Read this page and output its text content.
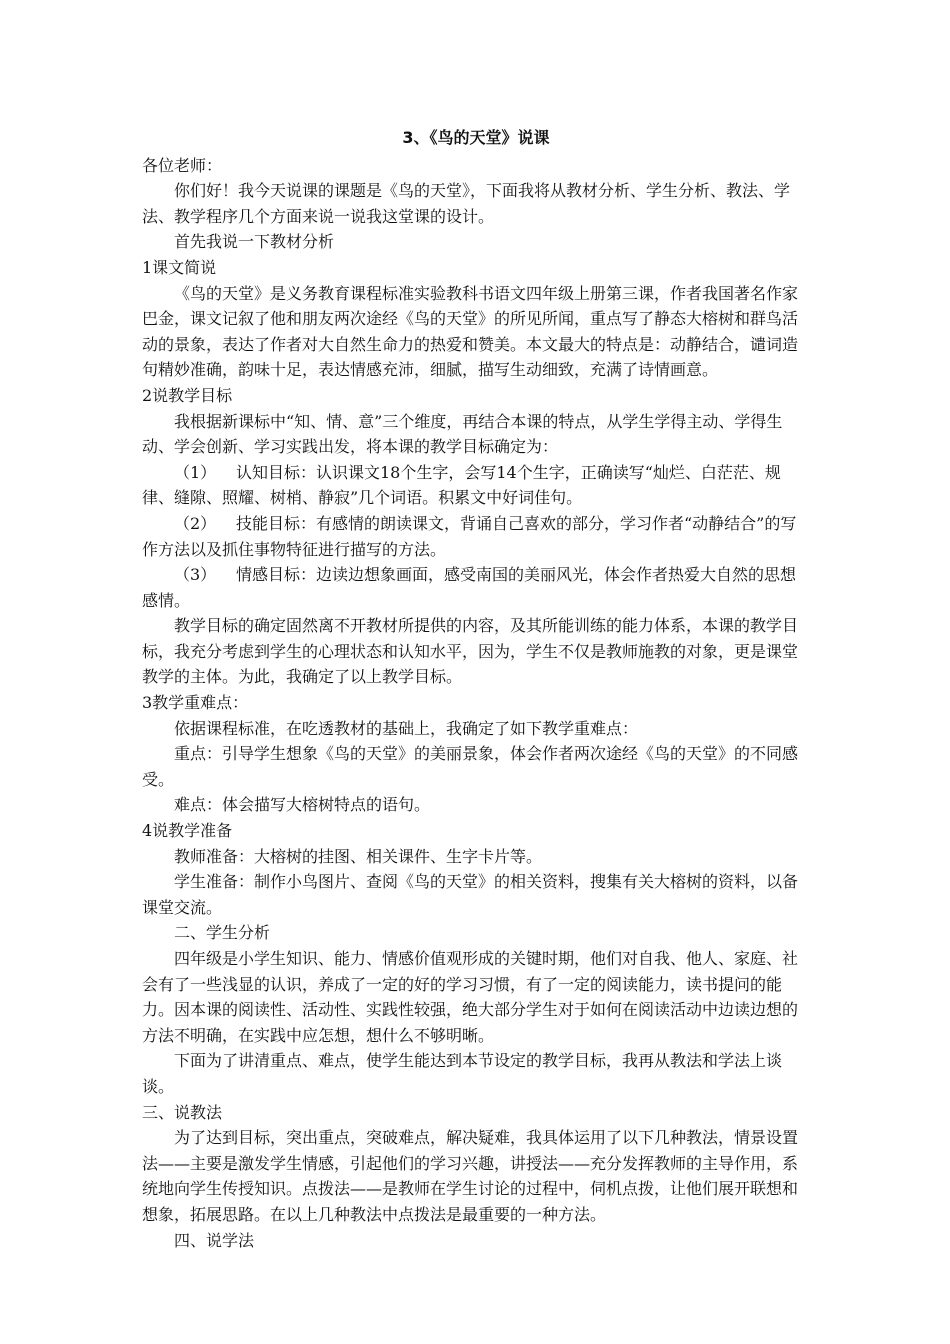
3、《鸟的天堂》说课

各位老师：

你们好！我今天说课的课题是《鸟的天堂》，下面我将从教材分析、学生分析、教法、学法、教学程序几个方面来说一说我这堂课的设计。

首先我说一下教材分析

1课文简说

《鸟的天堂》是义务教育课程标准实验教科书语文四年级上册第三课，作者我国著名作家巴金，课文记叙了他和朋友两次途经《鸟的天堂》的所见所闻，重点写了静态大榕树和群鸟活动的景象，表达了作者对大自然生命力的热爱和赞美。本文最大的特点是：动静结合，谴词造句精妙准确，韵味十足，表达情感充沛，细腻，描写生动细致，充满了诗情画意。

2说教学目标

我根据新课标中“知、情、意”三个维度，再结合本课的特点，从学生学得主动、学得生动、学会创新、学习实践出发，将本课的教学目标确定为：

（1） 认知目标：认识课文18个生字，会写14个生字，正确读写“灿烂、白茫茫、规律、缝隙、照耀、树梢、静寂”几个词语。积累文中好词佳句。

（2） 技能目标：有感情的朗读课文，背诵自己喜欢的部分，学习作者“动静结合”的写作方法以及抓住事物特征进行描写的方法。

（3） 情感目标：边读边想象画面，感受南国的美丽风光，体会作者热爱大自然的思想感情。

教学目标的确定固然离不开教材所提供的内容，及其所能训练的能力体系，本课的教学目标，我充分考虑到学生的心理状态和认知水平，因为，学生不仅是教师施教的对象，更是课堂教学的主体。为此，我确定了以上教学目标。

3教学重难点：

依据课程标准，在吃透教材的基础上，我确定了如下教学重难点：

重点：引导学生想象《鸟的天堂》的美丽景象，体会作者两次途经《鸟的天堂》的不同感受。

难点：体会描写大榕树特点的语句。

4说教学准备

教师准备：大榕树的挂图、相关课件、生字卡片等。

学生准备：制作小鸟图片、查阅《鸟的天堂》的相关资料，搜集有关大榕树的资料，以备课堂交流。

二、学生分析

四年级是小学生知识、能力、情感价值观形成的关键时期，他们对自我、他人、家庭、社会有了一些浅显的认识，养成了一定的好的学习习惯，有了一定的阅读能力，读书提问的能力。因本课的阅读性、活动性、实践性较强，绝大部分学生对于如何在阅读活动中边读边想的方法不明确，在实践中应怎想，想什么不够明晰。

下面为了讲清重点、难点，使学生能达到本节设定的教学目标，我再从教法和学法上谈谈。

三、说教法

为了达到目标，突出重点，突破难点，解决疑难，我具体运用了以下几种教法，情景设置法——主要是激发学生情感，引起他们的学习兴趣，讲授法——充分发挥教师的主导作用，系统地向学生传授知识。点拨法——是教师在学生讨论的过程中，伺机点拨，让他们展开联想和想象，拓展思路。在以上几种教法中点拨法是最重要的一种方法。

四、说学法
